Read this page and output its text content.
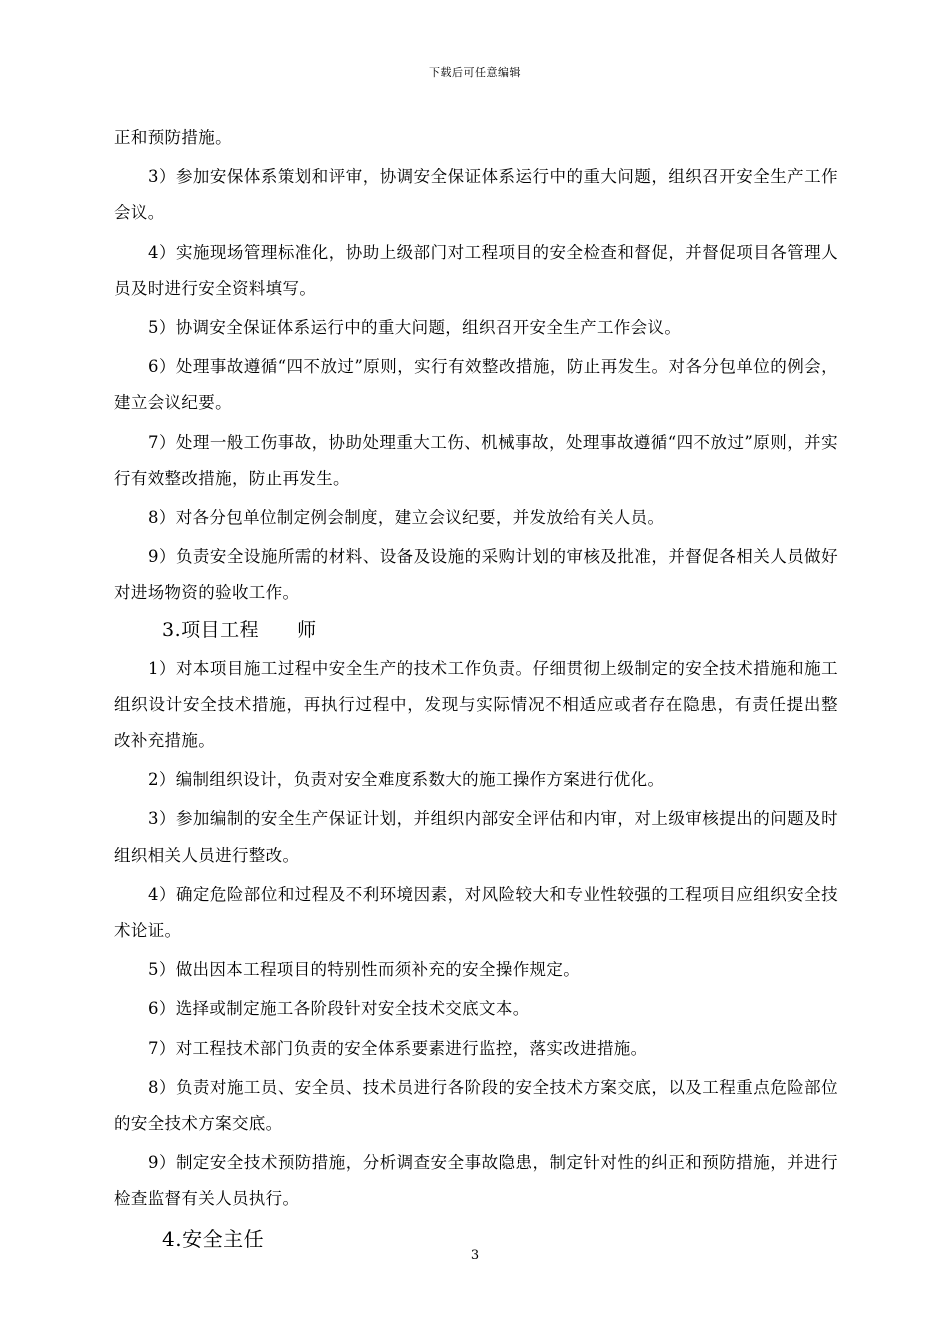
下载后可任意编辑

正和预防措施。

3）参加安保体系策划和评审，协调安全保证体系运行中的重大问题，组织召开安全生产工作会议。

4）实施现场管理标准化，协助上级部门对工程项目的安全检查和督促，并督促项目各管理人员及时进行安全资料填写。

5）协调安全保证体系运行中的重大问题，组织召开安全生产工作会议。

6）处理事故遵循“四不放过”原则，实行有效整改措施，防止再发生。对各分包单位的例会，建立会议纪要。

7）处理一般工伤事故，协助处理重大工伤、机械事故，处理事故遵循“四不放过”原则，并实行有效整改措施，防止再发生。

8）对各分包单位制定例会制度，建立会议纪要，并发放给有关人员。

9）负责安全设施所需的材料、设备及设施的采购计划的审核及批准，并督促各相关人员做好对进场物资的验收工作。

3.项目工程 师

1）对本项目施工过程中安全生产的技术工作负责。仔细贯彻上级制定的安全技术措施和施工组织设计安全技术措施，再执行过程中，发现与实际情况不相适应或者存在隐患，有责任提出整改补充措施。

2）编制组织设计，负责对安全难度系数大的施工操作方案进行优化。

3）参加编制的安全生产保证计划，并组织内部安全评估和内审，对上级审核提出的问题及时组织相关人员进行整改。

4）确定危险部位和过程及不利环境因素，对风险较大和专业性较强的工程项目应组织安全技术论证。

5）做出因本工程项目的特别性而须补充的安全操作规定。

6）选择或制定施工各阶段针对安全技术交底文本。

7）对工程技术部门负责的安全体系要素进行监控，落实改进措施。

8）负责对施工员、安全员、技术员进行各阶段的安全技术方案交底，以及工程重点危险部位的安全技术方案交底。

9）制定安全技术预防措施，分析调查安全事故隐患，制定针对性的纠正和预防措施，并进行检查监督有关人员执行。

4.安全主任
3
